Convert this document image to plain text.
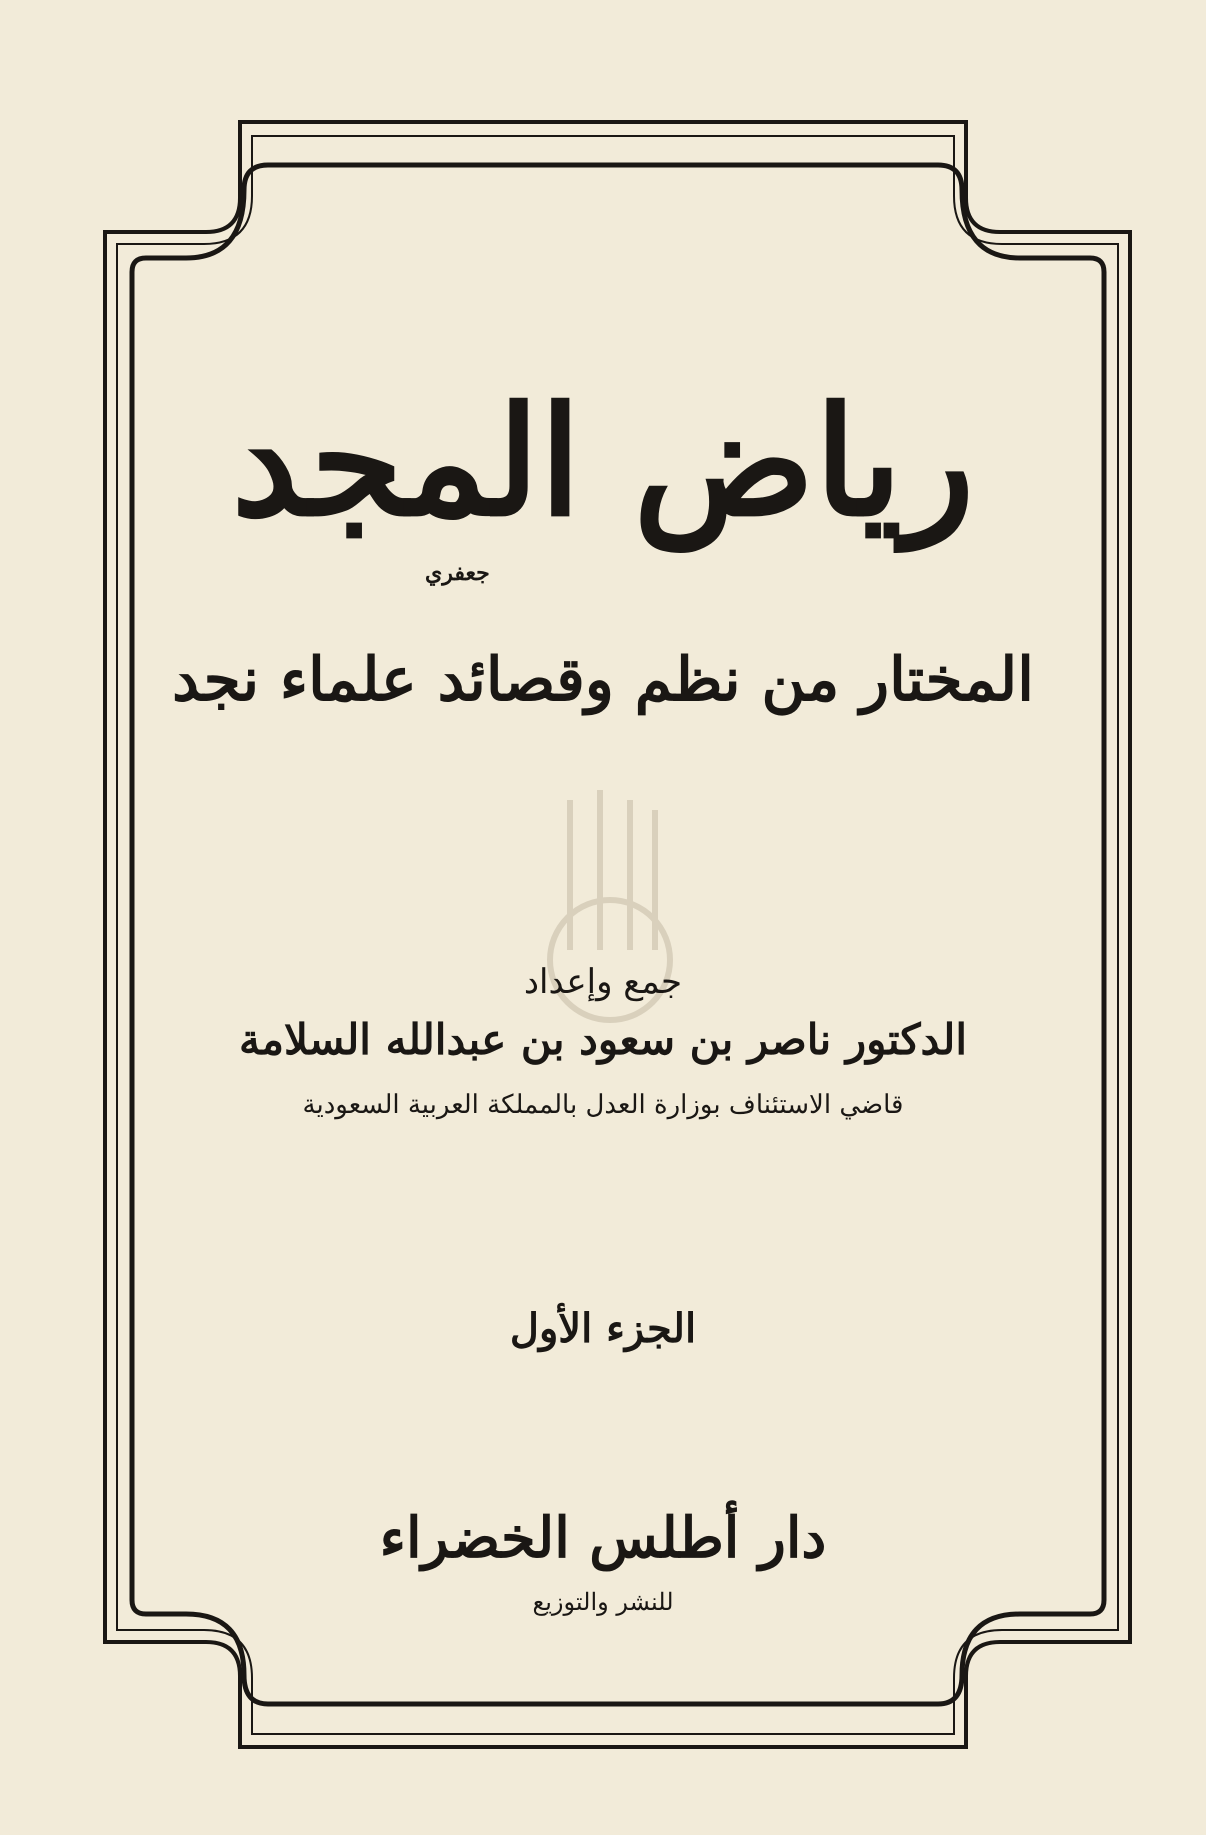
رياض المجد
جعفري
المختار من نظم وقصائد علماء نجد
جمع وإعداد
الدكتور ناصر بن سعود بن عبدالله السلامة
قاضي الاستئناف بوزارة العدل بالمملكة العربية السعودية
الجزء الأول
دار أطلس الخضراء
للنشر والتوزيع
